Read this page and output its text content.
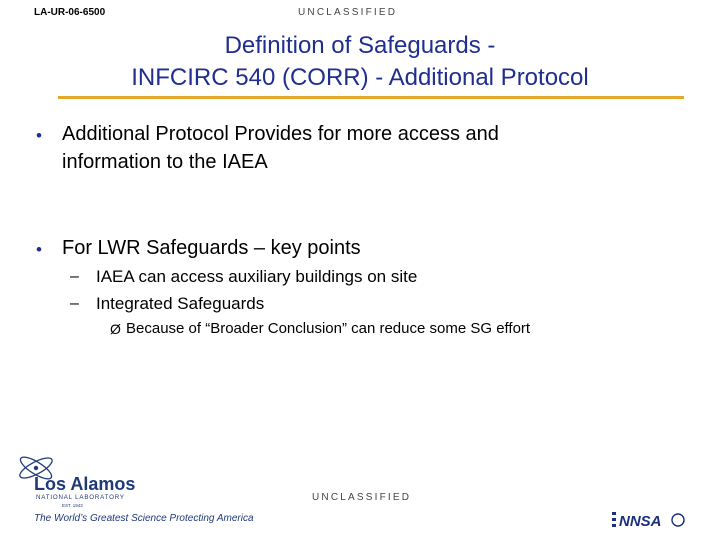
LA-UR-06-6500	UNCLASSIFIED
Definition of Safeguards -
INFCIRC 540 (CORR) - Additional Protocol
• Additional Protocol Provides for more access and
information to the IAEA
• For LWR Safeguards – key points
– IAEA can access auxiliary buildings on site
– Integrated Safeguards
Ø Because of “Broader Conclusion” can reduce some SG effort
Los Alamos
NATIONAL LABORATORY
EST. 1943
The World’s Greatest Science Protecting America
UNCLASSIFIED
NNSA
